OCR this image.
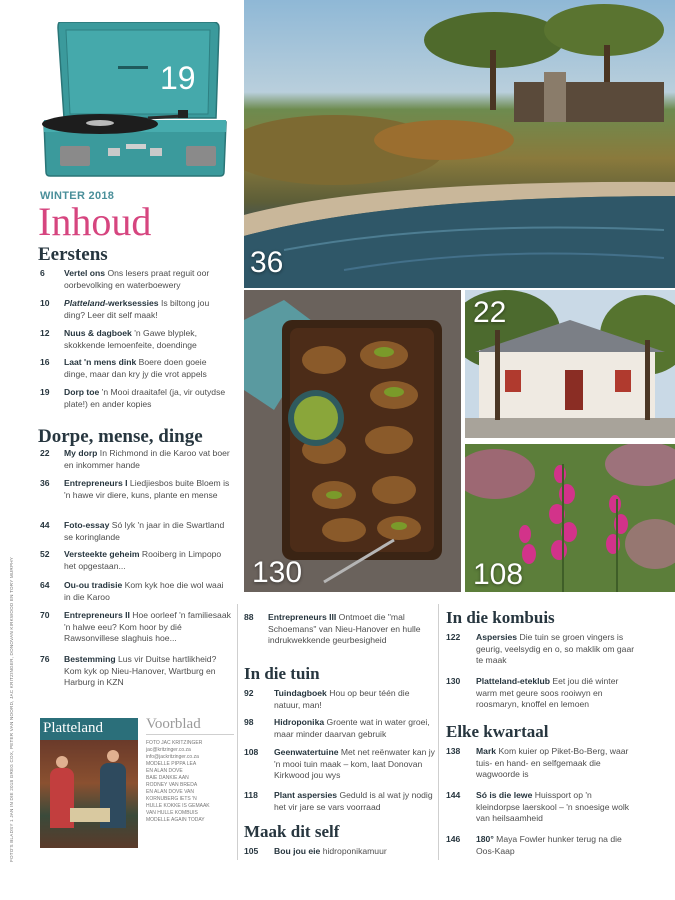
19
WINTER 2018
Inhoud
Eerstens
6	Vertel ons Ons lesers praat reguit oor oorbevolking en waterboewery
10	Platteland-werksessies Is biltong jou ding? Leer dit self maak!
12	Nuus & dagboek 'n Gawe blyplek, skokkende lemoenfeite, doendinge
16	Laat 'n mens dink Boere doen goeie dinge, maar dan kry jy die vrot appels
19	Dorp toe 'n Mooi draaitafel (ja, vir outydse plate!) en ander kopies
Dorpe, mense, dinge
22	My dorp In Richmond in die Karoo vat boer en inkommer hande
36	Entrepreneurs I Liedjiesbos buite Bloem is 'n hawe vir diere, kuns, plante en mense
44	Foto-essay Só lyk 'n jaar in die Swartland se koringlande
52	Versteekte geheim Rooiberg in Limpopo het opgestaan...
64	Ou-ou tradisie Kom kyk hoe die wol waai in die Karoo
70	Entrepreneurs II Hoe oorleef 'n familiesaak 'n halwe eeu? Kom hoor by dié Rawsonvillese slaghuis hoe...
76	Bestemming Lus vir Duitse hartlikheid? Kom kyk op Nieu-Hanover, Wartburg en Harburg in KZN
88	Entrepreneurs III Ontmoet die "mal Schoemans" van Nieu-Hanover en hulle indrukwekkende geurbesigheid
In die tuin
92	Tuindagboek Hou op beur téén die natuur, man!
98	Hidroponika Groente wat in water groei, maar minder daarvan gebruik
108	Geenwatertuine Met net reënwater kan jy 'n mooi tuin maak – kom, laat Donovan Kirkwood jou wys
118	Plant aspersies Geduld is al wat jy nodig het vir jare se vars voorraad
Maak dit self
105	Bou jou eie hidroponikamuur
In die kombuis
122	Aspersies Die tuin se groen vingers is geurig, veelsydig en o, so maklik om gaar te maak
130	Platteland-eteklub Eet jou dié winter warm met geure soos rooiwyn en roosmaryn, knoffel en lemoen
Elke kwartaal
138	Mark Kom kuier op Piket-Bo-Berg, waar tuis- en hand- en selfgemaak die wagwoorde is
144	Só is die lewe Huissport op 'n kleindorpse laerskool – 'n snoesige wolk van heilsaamheid
146	180° Maya Fowler hunker terug na die Oos-Kaap
36
130
22
108
FOTO'S BLADSY 1 JAN IN DIE 2018 GREG COX, PETER VAN NOORD, JAC KRITZINGER, DONOVAN KIRKWOOD EN TORY MURPHY Platteland	Voorblad
FOTO JAC KRITZINGER
jac@kritzinger.co.za
info@jackritzinger.co.za
MODELLE PIPPA LEA
EN ALAN DOVE
BAIE DANKIE AAN
RODNEY VAN BREDA
EN ALAN DOVE VAN
KORNUBERG IETS 'N
HULLE KOKKE IS GEMAAK
VAN HULLE KOMBUIS
MODELLE AGAIN TODAY
